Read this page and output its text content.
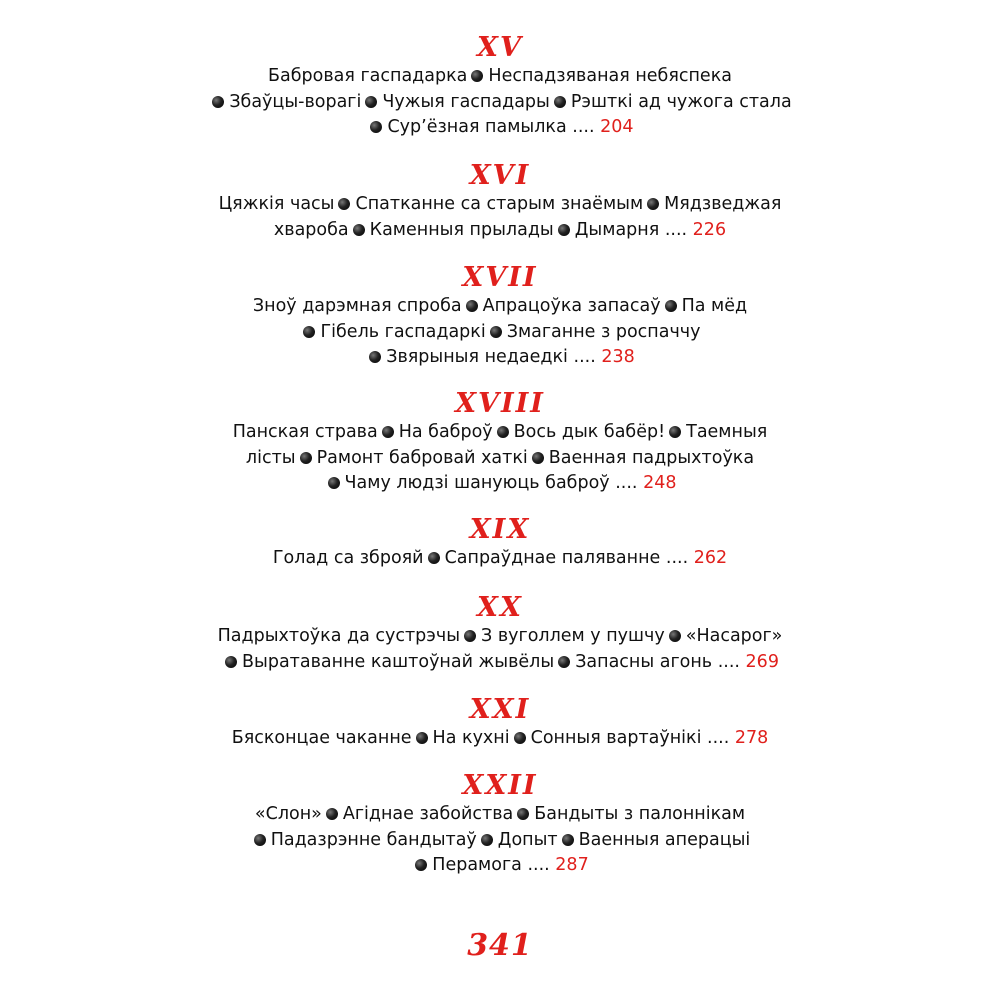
XV
Бабровая гаспадарка Неспадзяваная небяспека
Збаўцы-ворагі Чужыя гаспадары Рэшткі ад чужога стала
Сур’ёзная памылка .... 204
XVI
Цяжкія часы Спатканне са старым знаёмым Мядзведжая
хвароба Каменныя прылады Дымарня .... 226
XVII
Зноў дарэмная спроба Апрацоўка запасаў Па мёд
Гібель гаспадаркі Змаганне з роспаччу
Звярыныя недаедкі .... 238
XVIII
Панская страва На баброў Вось дык бабёр! Таемныя
лісты Рамонт бабровай хаткі Ваенная падрыхтоўка
Чаму людзі шануюць баброў .... 248
XIX
Голад са зброяй Сапраўднае паляванне .... 262
XX
Падрыхтоўка да сустрэчы З вуголлем у пушчу «Насарог»
Выратаванне каштоўнай жывёлы Запасны агонь .... 269
XXI
Бясконцае чаканне На кухні Сонныя вартаўнікі .... 278
XXII
«Слон» Агіднае забойства Бандыты з палоннікам
Падазрэнне бандытаў Допыт Ваенныя аперацыі
Перамога .... 287
341
